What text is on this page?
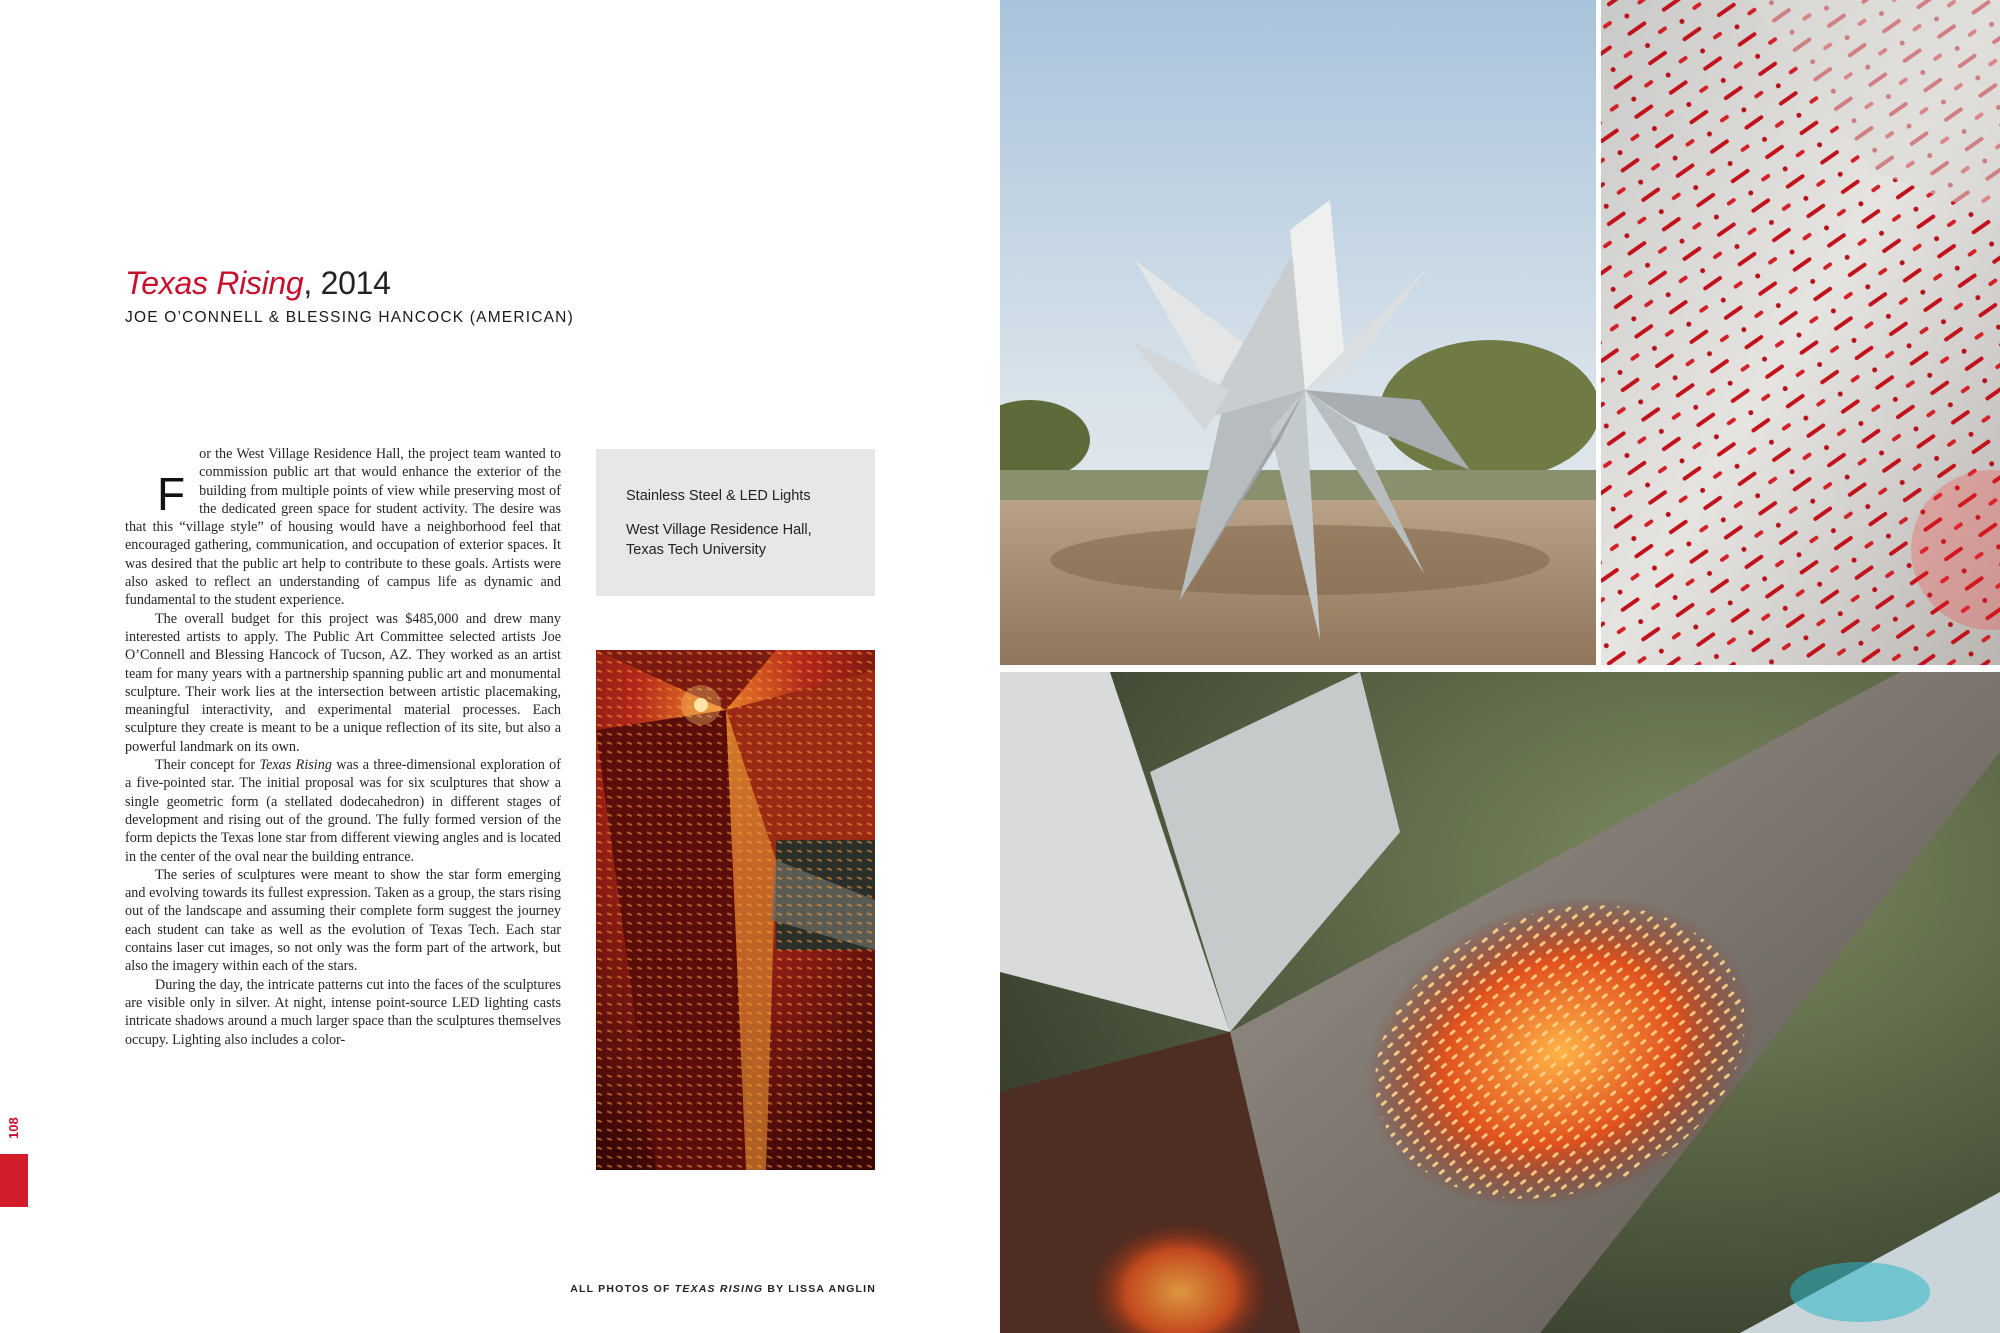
Texas Rising, 2014
JOE O’CONNELL & BLESSING HANCOCK (AMERICAN)
F

or the West Village Residence Hall, the project team wanted to commission public art that would enhance the exterior of the building from multiple points of view while preserving most of the dedicated green space for student activity. The desire was that this “village style” of housing would have a neighborhood feel that encouraged gathering, communication, and occupation of exterior spaces. It was desired that the public art help to contribute to these goals. Artists were also asked to reflect an understanding of campus life as dynamic and fundamental to the student experience.

The overall budget for this project was $485,000 and drew many interested artists to apply. The Public Art Committee selected artists Joe O’Connell and Blessing Hancock of Tucson, AZ. They worked as an artist team for many years with a partnership spanning public art and monumental sculpture. Their work lies at the intersection between artistic placemaking, meaningful interactivity, and experimental material processes. Each sculpture they create is meant to be a unique reflection of its site, but also a powerful landmark on its own.

Their concept for Texas Rising was a three-dimensional exploration of a five-pointed star. The initial proposal was for six sculptures that show a single geometric form (a stellated dodecahedron) in different stages of development and rising out of the ground. The fully formed version of the form depicts the Texas lone star from different viewing angles and is located in the center of the oval near the building entrance.

The series of sculptures were meant to show the star form emerging and evolving towards its fullest expression. Taken as a group, the stars rising out of the landscape and assuming their complete form suggest the journey each student can take as well as the evolution of Texas Tech. Each star contains laser cut images, so not only was the form part of the artwork, but also the imagery within each of the stars.

During the day, the intricate patterns cut into the faces of the sculptures are visible only in silver. At night, intense point-source LED lighting casts intricate shadows around a much larger space than the sculptures themselves occupy. Lighting also includes a color-

Stainless Steel & LED Lights

West Village Residence Hall,

Texas Tech University

108

ALL PHOTOS OF TEXAS RISING BY LISSA ANGLIN
